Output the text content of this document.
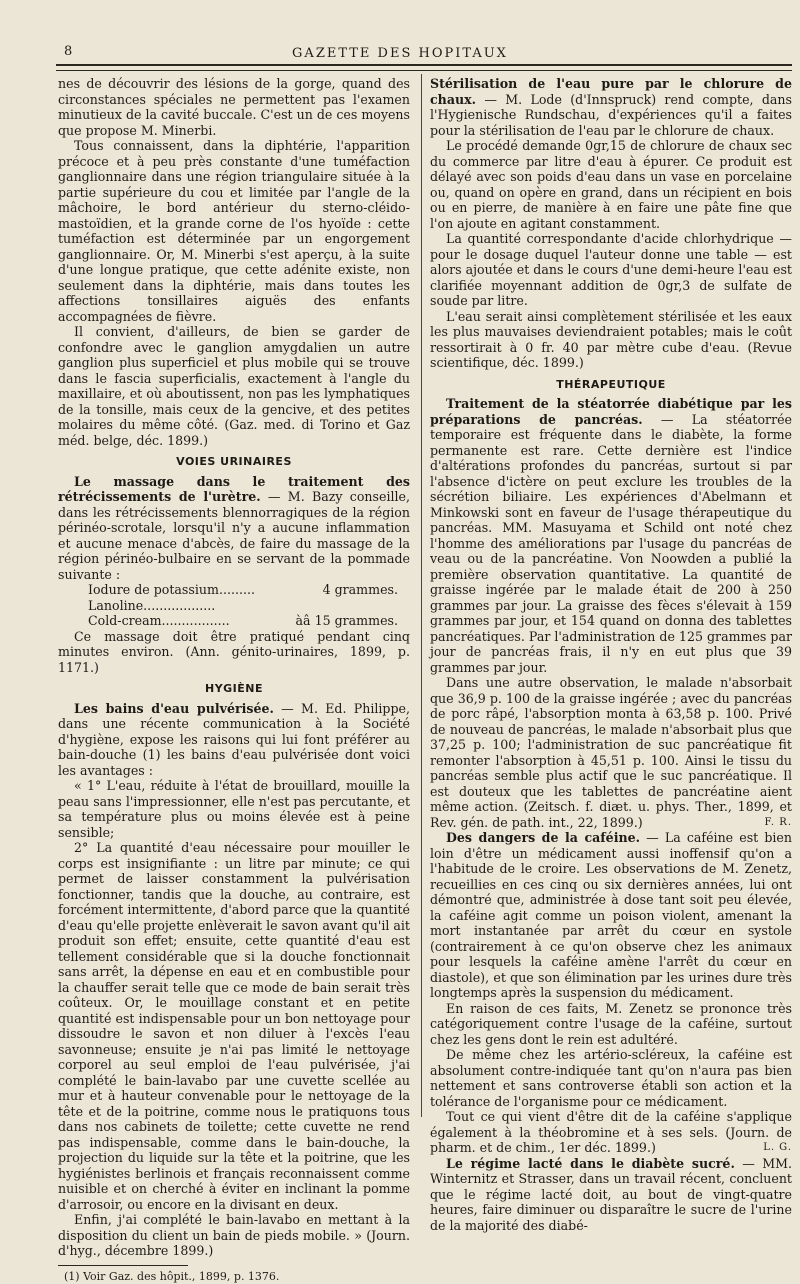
8	GAZETTE DES HOPITAUX

nes de découvrir des lésions de la gorge, quand des circonstances spéciales ne permettent pas l'examen minutieux de la cavité buccale. C'est un de ces moyens que propose M. Minerbi.

Tous connaissent, dans la diphtérie, l'apparition précoce et à peu près constante d'une tuméfaction ganglionnaire dans une région triangulaire située à la partie supérieure du cou et limitée par l'angle de la mâchoire, le bord antérieur du sterno-cléido-mastoïdien, et la grande corne de l'os hyoïde : cette tuméfaction est déterminée par un engorgement ganglionnaire. Or, M. Minerbi s'est aperçu, à la suite d'une longue pratique, que cette adénite existe, non seulement dans la diphtérie, mais dans toutes les affections tonsillaires aiguës des enfants accompagnées de fièvre.

Il convient, d'ailleurs, de bien se garder de confondre avec le ganglion amygdalien un autre ganglion plus superficiel et plus mobile qui se trouve dans le fascia superficialis, exactement à l'angle du maxillaire, et où aboutissent, non pas les lymphatiques de la tonsille, mais ceux de la gencive, et des petites molaires du même côté. (Gaz. med. di Torino et Gaz méd. belge, déc. 1899.)

VOIES URINAIRES

Le massage dans le traitement des rétrécissements de l'urètre. — M. Bazy conseille, dans les rétrécissements blennorragiques de la région périnéo-scrotale, lorsqu'il n'y a aucune inflammation et aucune menace d'abcès, de faire du massage de la région périnéo-bulbaire en se servant de la pommade suivante :

Iodure de potassium.........	4 grammes.
Lanoline..................

Cold-cream.................	àâ 15 grammes.

Ce massage doit être pratiqué pendant cinq minutes environ. (Ann. génito-urinaires, 1899, p. 1171.)

HYGIÈNE

Les bains d'eau pulvérisée. — M. Ed. Philippe, dans une récente communication à la Société d'hygiène, expose les raisons qui lui font préférer au bain-douche (1) les bains d'eau pulvérisée dont voici les avantages :

« 1° L'eau, réduite à l'état de brouillard, mouille la peau sans l'impressionner, elle n'est pas percutante, et sa température plus ou moins élevée est à peine sensible;

2° La quantité d'eau nécessaire pour mouiller le corps est insignifiante : un litre par minute; ce qui permet de laisser constamment la pulvérisation fonctionner, tandis que la douche, au contraire, est forcément intermittente, d'abord parce que la quantité d'eau qu'elle projette enlèverait le savon avant qu'il ait produit son effet; ensuite, cette quantité d'eau est tellement considérable que si la douche fonctionnait sans arrêt, la dépense en eau et en combustible pour la chauffer serait telle que ce mode de bain serait très coûteux. Or, le mouillage constant et en petite quantité est indispensable pour un bon nettoyage pour dissoudre le savon et non diluer à l'excès l'eau savonneuse; ensuite je n'ai pas limité le nettoyage corporel au seul emploi de l'eau pulvérisée, j'ai complété le bain-lavabo par une cuvette scellée au mur et à hauteur convenable pour le nettoyage de la tête et de la poitrine, comme nous le pratiquons tous dans nos cabinets de toilette; cette cuvette ne rend pas indispensable, comme dans le bain-douche, la projection du liquide sur la tête et la poitrine, que les hygiénistes berlinois et français reconnaissent comme nuisible et on cherché à éviter en inclinant la pomme d'arrosoir, ou encore en la divisant en deux.

Enfin, j'ai complété le bain-lavabo en mettant à la disposition du client un bain de pieds mobile. » (Journ. d'hyg., décembre 1899.)

(1) Voir Gaz. des hôpit., 1899, p. 1376.

Stérilisation de l'eau pure par le chlorure de chaux. — M. Lode (d'Innspruck) rend compte, dans l'Hygienische Rundschau, d'expériences qu'il a faites pour la stérilisation de l'eau par le chlorure de chaux.

Le procédé demande 0gr,15 de chlorure de chaux sec du commerce par litre d'eau à épurer. Ce produit est délayé avec son poids d'eau dans un vase en porcelaine ou, quand on opère en grand, dans un récipient en bois ou en pierre, de manière à en faire une pâte fine que l'on ajoute en agitant constamment.

La quantité correspondante d'acide chlorhydrique — pour le dosage duquel l'auteur donne une table — est alors ajoutée et dans le cours d'une demi-heure l'eau est clarifiée moyennant addition de 0gr,3 de sulfate de soude par litre.

L'eau serait ainsi complètement stérilisée et les eaux les plus mauvaises deviendraient potables; mais le coût ressortirait à 0 fr. 40 par mètre cube d'eau. (Revue scientifique, déc. 1899.)

THÉRAPEUTIQUE

Traitement de la stéatorrée diabétique par les préparations de pancréas. — La stéatorrée temporaire est fréquente dans le diabète, la forme permanente est rare. Cette dernière est l'indice d'altérations profondes du pancréas, surtout si par l'absence d'ictère on peut exclure les troubles de la sécrétion biliaire. Les expériences d'Abelmann et Minkowski sont en faveur de l'usage thérapeutique du pancréas. MM. Masuyama et Schild ont noté chez l'homme des améliorations par l'usage du pancréas de veau ou de la pancréatine. Von Noowden a publié la première observation quantitative. La quantité de graisse ingérée par le malade était de 200 à 250 grammes par jour. La graisse des fèces s'élevait à 159 grammes par jour, et 154 quand on donna des tablettes pancréatiques. Par l'administration de 125 grammes par jour de pancréas frais, il n'y en eut plus que 39 grammes par jour.

Dans une autre observation, le malade n'absorbait que 36,9 p. 100 de la graisse ingérée ; avec du pancréas de porc râpé, l'absorption monta à 63,58 p. 100. Privé de nouveau de pancréas, le malade n'absorbait plus que 37,25 p. 100; l'administration de suc pancréatique fit remonter l'absorption à 45,51 p. 100. Ainsi le tissu du pancréas semble plus actif que le suc pancréatique. Il est douteux que les tablettes de pancréatine aient même action. (Zeitsch. f. diæt. u. phys. Ther., 1899, et Rev. gén. de path. int., 22, 1899.)	F. R.

Des dangers de la caféine. — La caféine est bien loin d'être un médicament aussi inoffensif qu'on a l'habitude de le croire. Les observations de M. Zenetz, recueillies en ces cinq ou six dernières années, lui ont démontré que, administrée à dose tant soit peu élevée, la caféine agit comme un poison violent, amenant la mort instantanée par arrêt du cœur en systole (contrairement à ce qu'on observe chez les animaux pour lesquels la caféine amène l'arrêt du cœur en diastole), et que son élimination par les urines dure très longtemps après la suspension du médicament.

En raison de ces faits, M. Zenetz se prononce très catégoriquement contre l'usage de la caféine, surtout chez les gens dont le rein est adultéré.

De même chez les artério-scléreux, la caféine est absolument contre-indiquée tant qu'on n'aura pas bien nettement et sans controverse établi son action et la tolérance de l'organisme pour ce médicament.

Tout ce qui vient d'être dit de la caféine s'applique également à la théobromine et à ses sels. (Journ. de pharm. et de chim., 1er déc. 1899.)	L. G.

Le régime lacté dans le diabète sucré. — MM. Winternitz et Strasser, dans un travail récent, concluent que le régime lacté doit, au bout de vingt-quatre heures, faire diminuer ou disparaître le sucre de l'urine de la majorité des diabé-
